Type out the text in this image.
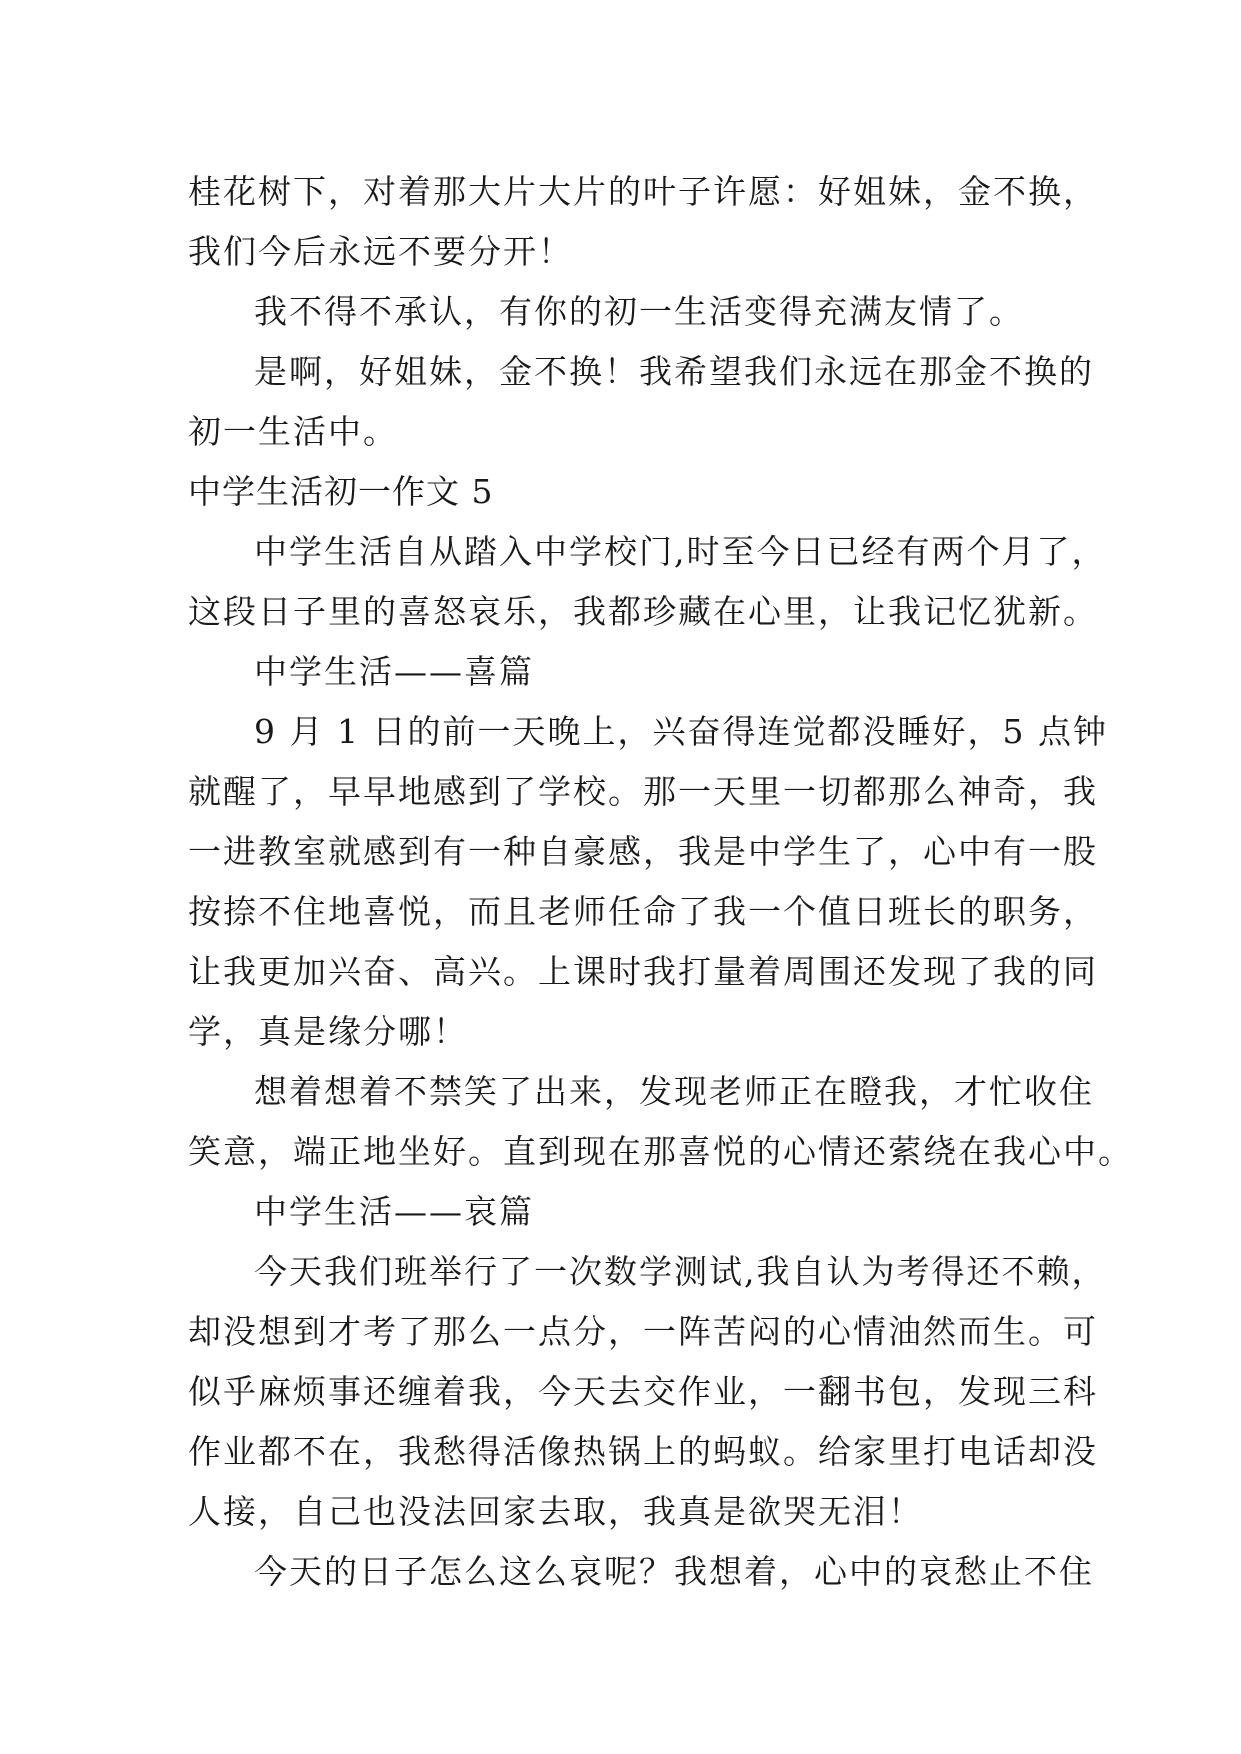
桂花树下，对着那大片大片的叶子许愿：好姐妹，金不换，
我们今后永远不要分开！
我不得不承认，有你的初一生活变得充满友情了。
是啊，好姐妹，金不换！我希望我们永远在那金不换的
初一生活中。
中学生活初一作文 5
中学生活自从踏入中学校门,时至今日已经有两个月了，
这段日子里的喜怒哀乐，我都珍藏在心里，让我记忆犹新。
中学生活——喜篇
9 月 1 日的前一天晚上，兴奋得连觉都没睡好，5 点钟
就醒了，早早地感到了学校。那一天里一切都那么神奇，我
一进教室就感到有一种自豪感，我是中学生了，心中有一股
按捺不住地喜悦，而且老师任命了我一个值日班长的职务，
让我更加兴奋、高兴。上课时我打量着周围还发现了我的同
学，真是缘分哪！
想着想着不禁笑了出来，发现老师正在瞪我，才忙收住
笑意，端正地坐好。直到现在那喜悦的心情还萦绕在我心中。
中学生活——哀篇
今天我们班举行了一次数学测试,我自认为考得还不赖，
却没想到才考了那么一点分，一阵苦闷的心情油然而生。可
似乎麻烦事还缠着我，今天去交作业，一翻书包，发现三科
作业都不在，我愁得活像热锅上的蚂蚁。给家里打电话却没
人接，自己也没法回家去取，我真是欲哭无泪！
今天的日子怎么这么哀呢？我想着，心中的哀愁止不住
